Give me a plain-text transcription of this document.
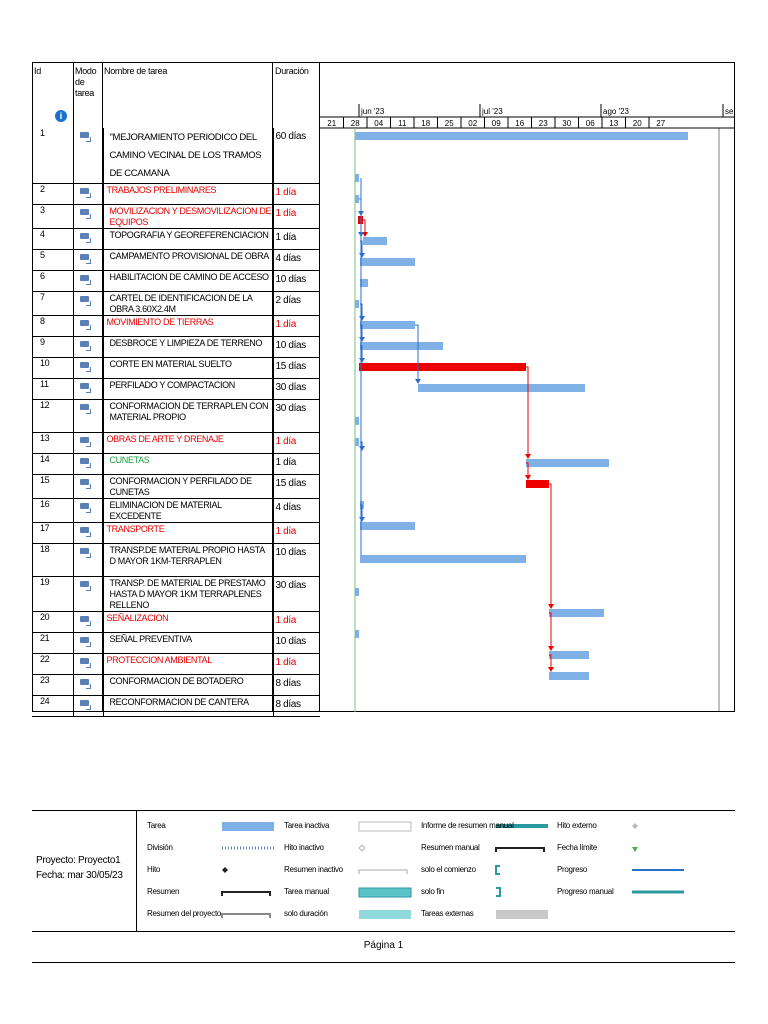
Id	Modo de tarea
Nombre de tarea	Duración
i
1		"MEJORAMIENTO PERIODICO DEL CAMINO VECINAL DE LOS TRAMOS DE CCAMANA	60 días
2		TRABAJOS PRELIMINARES	1 día
3		MOVILIZACION Y DESMOVILIZACION DE EQUIPOS	1 día
4		TOPOGRAFIA Y GEOREFERENCIACION	1 día
5		CAMPAMENTO PROVISIONAL DE OBRA	4 días
6		HABILITACION DE CAMINO DE ACCESO	10 días
7		CARTEL DE IDENTIFICACION DE LA OBRA 3.60X2.4M	2 días
8		MOVIMIENTO DE TIERRAS	1 día
9		DESBROCE Y LIMPIEZA DE TERRENO	10 días
10		CORTE EN MATERIAL SUELTO	15 días
11		PERFILADO Y COMPACTACION	30 días
12		CONFORMACION DE TERRAPLEN CON MATERIAL PROPIO	30 días
13		OBRAS DE ARTE Y DRENAJE	1 día
14		CUNETAS	1 día
15		CONFORMACION Y PERFILADO DE CUNETAS	15 días
16		ELIMINACION DE MATERIAL EXCEDENTE	4 días
17		TRANSPORTE	1 día
18		TRANSP.DE MATERIAL PROPIO HASTA D MAYOR 1KM-TERRAPLEN	10 días
19		TRANSP. DE MATERIAL DE PRESTAMO HASTA D MAYOR 1KM TERRAPLENES RELLENO	30 días
20		SEÑALIZACION	1 día
21		SEÑAL PREVENTIVA	10 días
22		PROTECCION AMBIENTAL	1 día
23		CONFORMACION DE BOTADERO	8 días
24		RECONFORMACION DE CANTERA	8 días
21 28 04 11 18 25 02 09 16 23 30 06 13 20 27
jun '23	jul '23	ago '23	se
Proyecto: Proyecto1
Fecha: mar 30/05/23
Tarea
División
Hito
Resumen
Resumen del proyecto
Tarea inactiva
Hito inactivo
Resumen inactivo
Tarea manual
solo duración
Informe de resumen manual
Resumen manual
solo el comienzo
solo fin
Tareas externas
Hito externo
Fecha límite
Progreso
Progreso manual
Página 1
